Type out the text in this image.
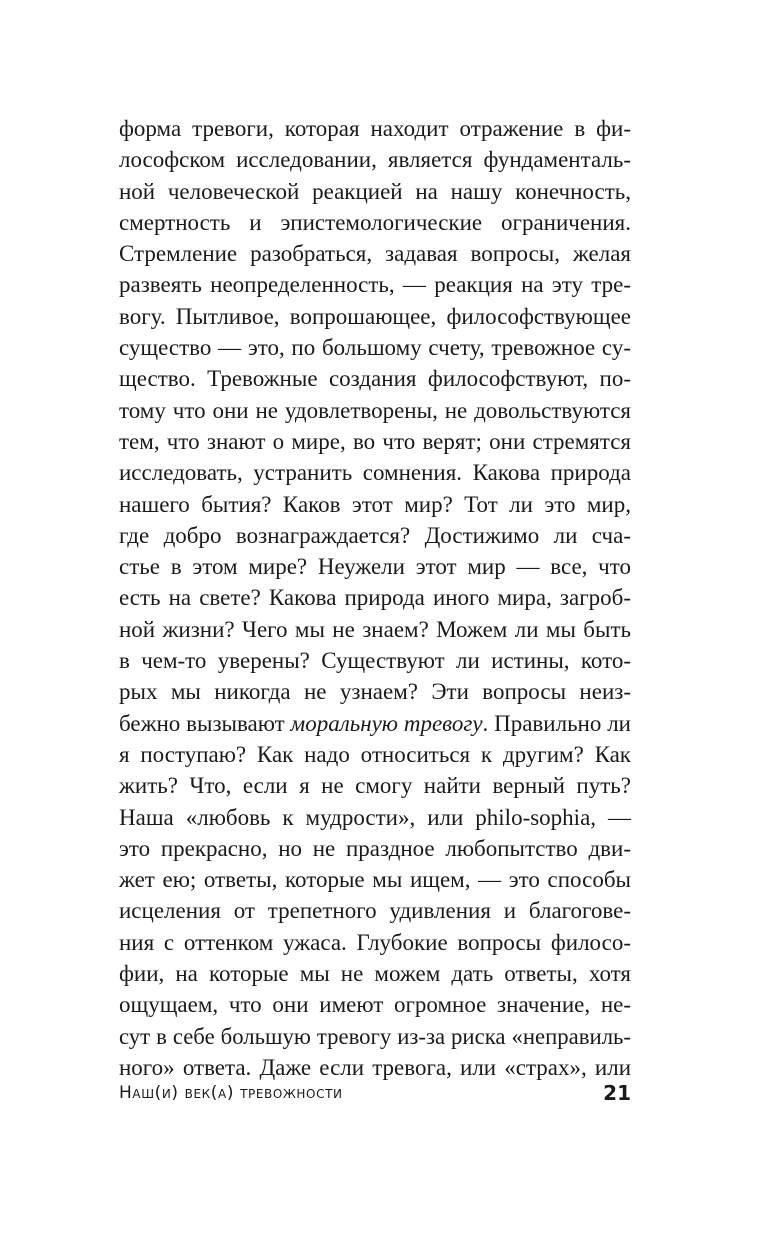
форма тревоги, которая находит отражение в фи-
лософском исследовании, является фундаменталь-
ной человеческой реакцией на нашу конечность,
смертность и эпистемологические ограничения.
Стремление разобраться, задавая вопросы, желая
развеять неопределенность, — реакция на эту тре-
вогу. Пытливое, вопрошающее, философствующее
существо — это, по большому счету, тревожное су-
щество. Тревожные создания философствуют, по-
тому что они не удовлетворены, не довольствуются
тем, что знают о мире, во что верят; они стремятся
исследовать, устранить сомнения. Какова природа
нашего бытия? Каков этот мир? Тот ли это мир,
где добро вознаграждается? Достижимо ли сча-
стье в этом мире? Неужели этот мир — все, что
есть на свете? Какова природа иного мира, загроб-
ной жизни? Чего мы не знаем? Можем ли мы быть
в чем-то уверены? Существуют ли истины, кото-
рых мы никогда не узнаем? Эти вопросы неиз-
бежно вызывают моральную тревогу. Правильно ли
я поступаю? Как надо относиться к другим? Как
жить? Что, если я не смогу найти верный путь?
Наша «любовь к мудрости», или philo-sophia, —
это прекрасно, но не праздное любопытство дви-
жет ею; ответы, которые мы ищем, — это способы
исцеления от трепетного удивления и благогове-
ния с оттенком ужаса. Глубокие вопросы филосо-
фии, на которые мы не можем дать ответы, хотя
ощущаем, что они имеют огромное значение, не-
сут в себе большую тревогу из-за риска «неправиль-
ного» ответа. Даже если тревога, или «страх», или
Наш(и) век(а) тревожности	21
